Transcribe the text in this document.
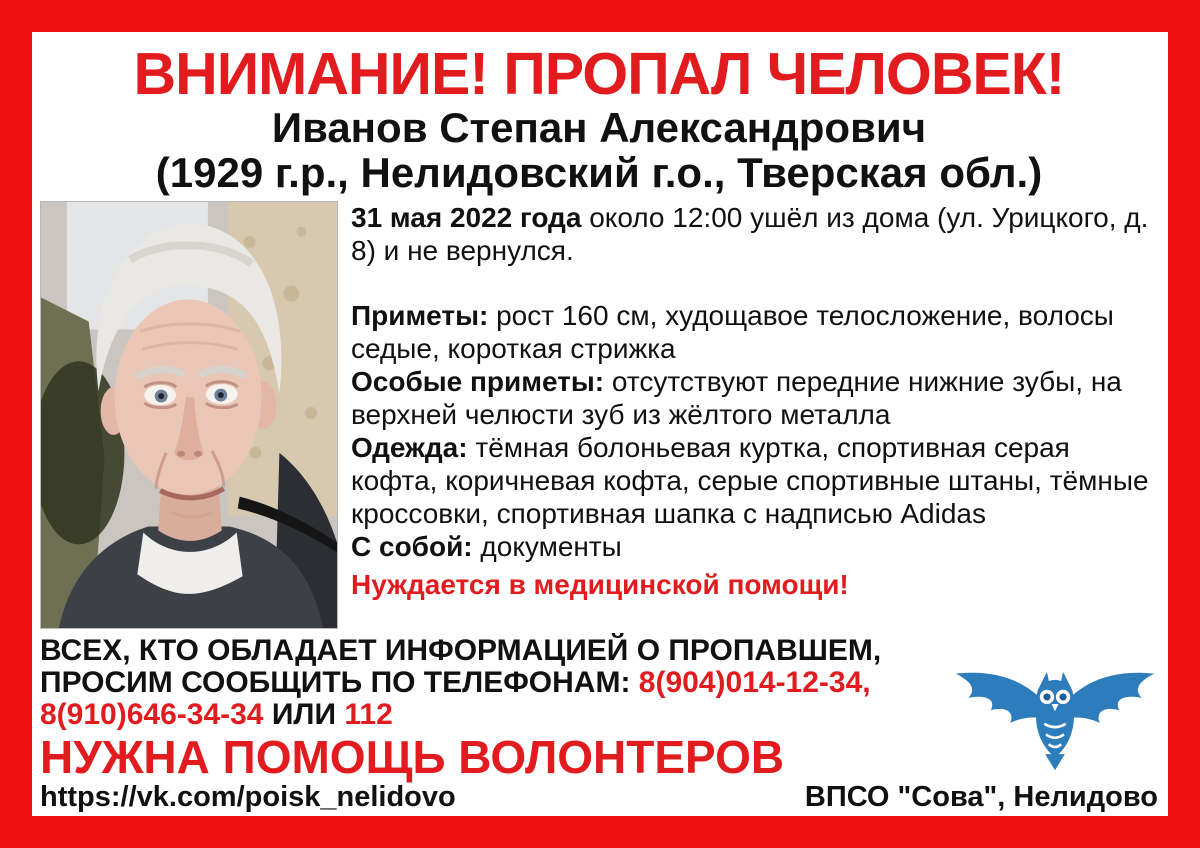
ВНИМАНИЕ! ПРОПАЛ ЧЕЛОВЕК!
Иванов Степан Александрович
(1929 г.р., Нелидовский г.о., Тверская обл.)

31 мая 2022 года около 12:00 ушёл из дома (ул. Урицкого, д. 8) и не вернулся.

Приметы: рост 160 см, худощавое телосложение, волосы седые, короткая стрижка

Особые приметы: отсутствуют передние нижние зубы, на верхней челюсти зуб из жёлтого металла

Одежда: тёмная болоньевая куртка, спортивная серая кофта, коричневая кофта, серые спортивные штаны, тёмные кроссовки, спортивная шапка с надписью Adidas

С собой: документы

Нуждается в медицинской помощи!

ВСЕХ, КТО ОБЛАДАЕТ ИНФОРМАЦИЕЙ О ПРОПАВШЕМ,

ПРОСИМ СООБЩИТЬ ПО ТЕЛЕФОНАМ: 8(904)014-12-34,

8(910)646-34-34 ИЛИ 112

НУЖНА ПОМОЩЬ ВОЛОНТЕРОВ

https://vk.com/poisk_nelidovo	ВПСО "Сова", Нелидово
